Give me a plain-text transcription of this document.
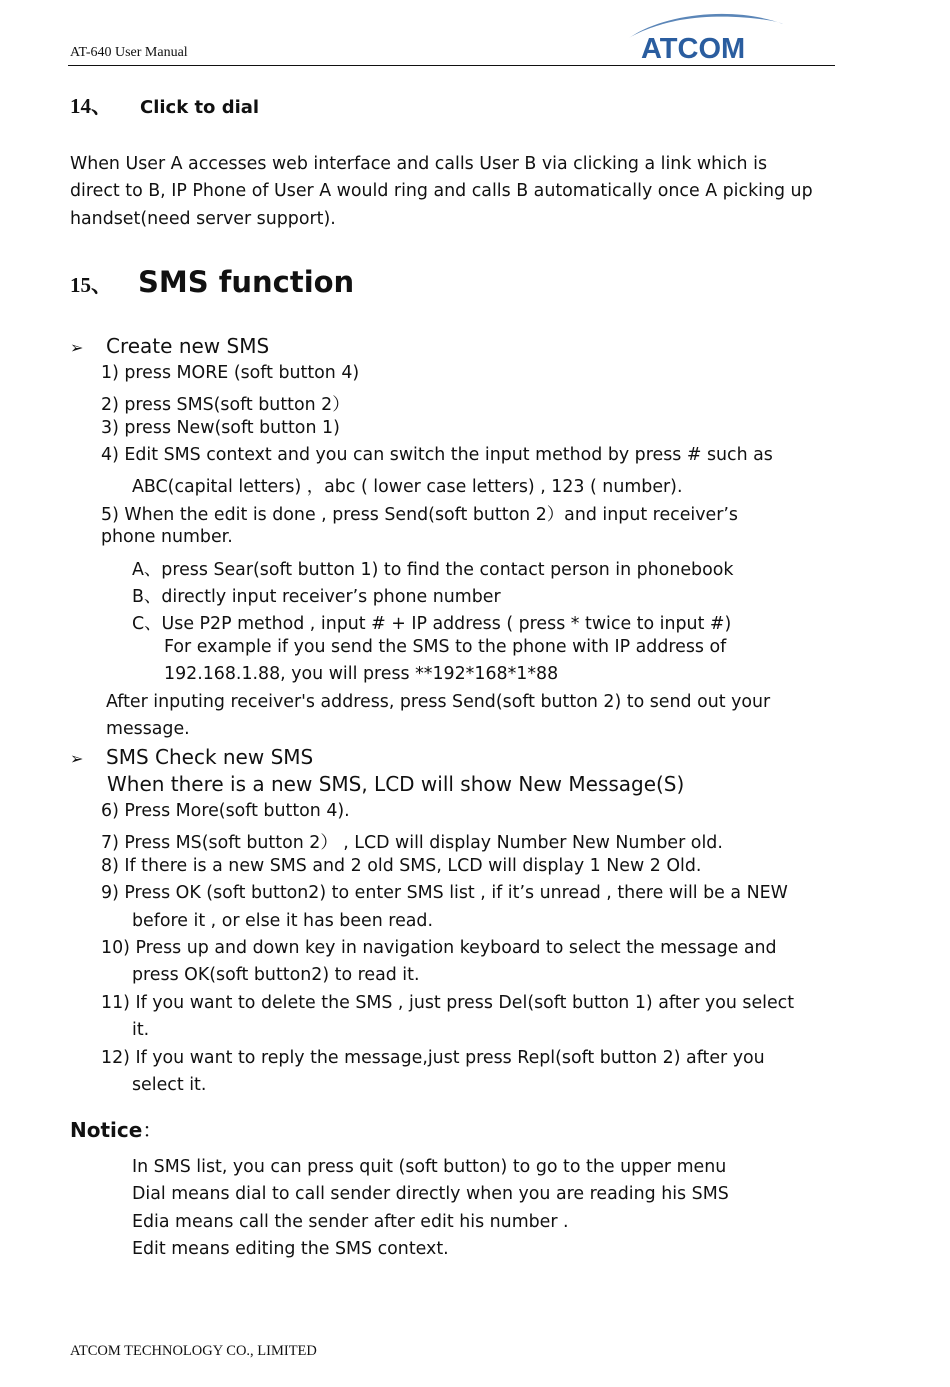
AT-640 User Manual	ATCOM
14、 Click to dial
When User A accesses web interface and calls User B via clicking a link which is
direct to B, IP Phone of User A would ring and calls B automatically once A picking up
handset(need server support).
15、 SMS function
➢ Create new SMS
1) press MORE (soft button 4)
2) press SMS(soft button 2）
3) press New(soft button 1)
4) Edit SMS context and you can switch the input method by press # such as
ABC(capital letters) ，abc ( lower case letters) , 123 ( number).
5) When the edit is done , press Send(soft button 2）and input receiver’s
phone number.
A、press Sear(soft button 1) to find the contact person in phonebook
B、directly input receiver’s phone number
C、Use P2P method , input # + IP address ( press * twice to input #)
For example if you send the SMS to the phone with IP address of
192.168.1.88, you will press **192*168*1*88
After inputing receiver's address, press Send(soft button 2) to send out your
message.
➢ SMS Check new SMS
When there is a new SMS, LCD will show New Message(S)
6) Press More(soft button 4).
7) Press MS(soft button 2） , LCD will display Number New Number old.
8) If there is a new SMS and 2 old SMS, LCD will display 1 New 2 Old.
9) Press OK (soft button2) to enter SMS list , if it’s unread , there will be a NEW
before it , or else it has been read.
10) Press up and down key in navigation keyboard to select the message and
press OK(soft button2) to read it.
11) If you want to delete the SMS , just press Del(soft button 1) after you select
it.
12) If you want to reply the message,just press Repl(soft button 2) after you
select it.
Notice：
In SMS list, you can press quit (soft button) to go to the upper menu
Dial means dial to call sender directly when you are reading his SMS
Edia means call the sender after edit his number .
Edit means editing the SMS context.
ATCOM TECHNOLOGY CO., LIMITED
